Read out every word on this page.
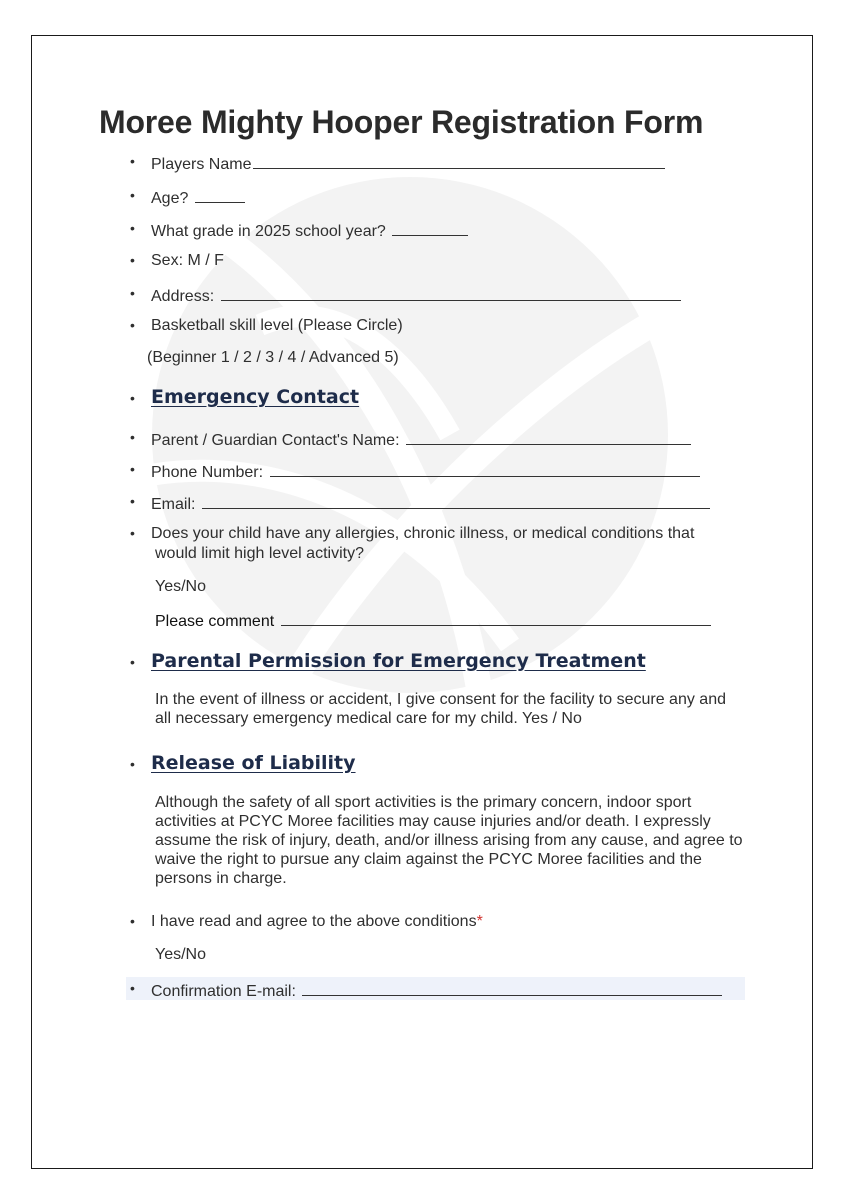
Moree Mighty Hooper Registration Form
• Players Name
• Age?
• What grade in 2025 school year?
• Sex: M / F
• Address:
• Basketball skill level (Please Circle)
(Beginner 1 / 2 / 3 / 4 / Advanced 5)
• Emergency Contact
• Parent / Guardian Contact's Name:
• Phone Number:
• Email:
• Does your child have any allergies, chronic illness, or medical conditions that
would limit high level activity?
Yes/No
Please comment
• Parental Permission for Emergency Treatment
In the event of illness or accident, I give consent for the facility to secure any and all necessary emergency medical care for my child. Yes / No
• Release of Liability
Although the safety of all sport activities is the primary concern, indoor sport activities at PCYC Moree facilities may cause injuries and/or death. I expressly assume the risk of injury, death, and/or illness arising from any cause, and agree to waive the right to pursue any claim against the PCYC Moree facilities and the persons in charge.
• I have read and agree to the above conditions*
Yes/No
• Confirmation E-mail:
